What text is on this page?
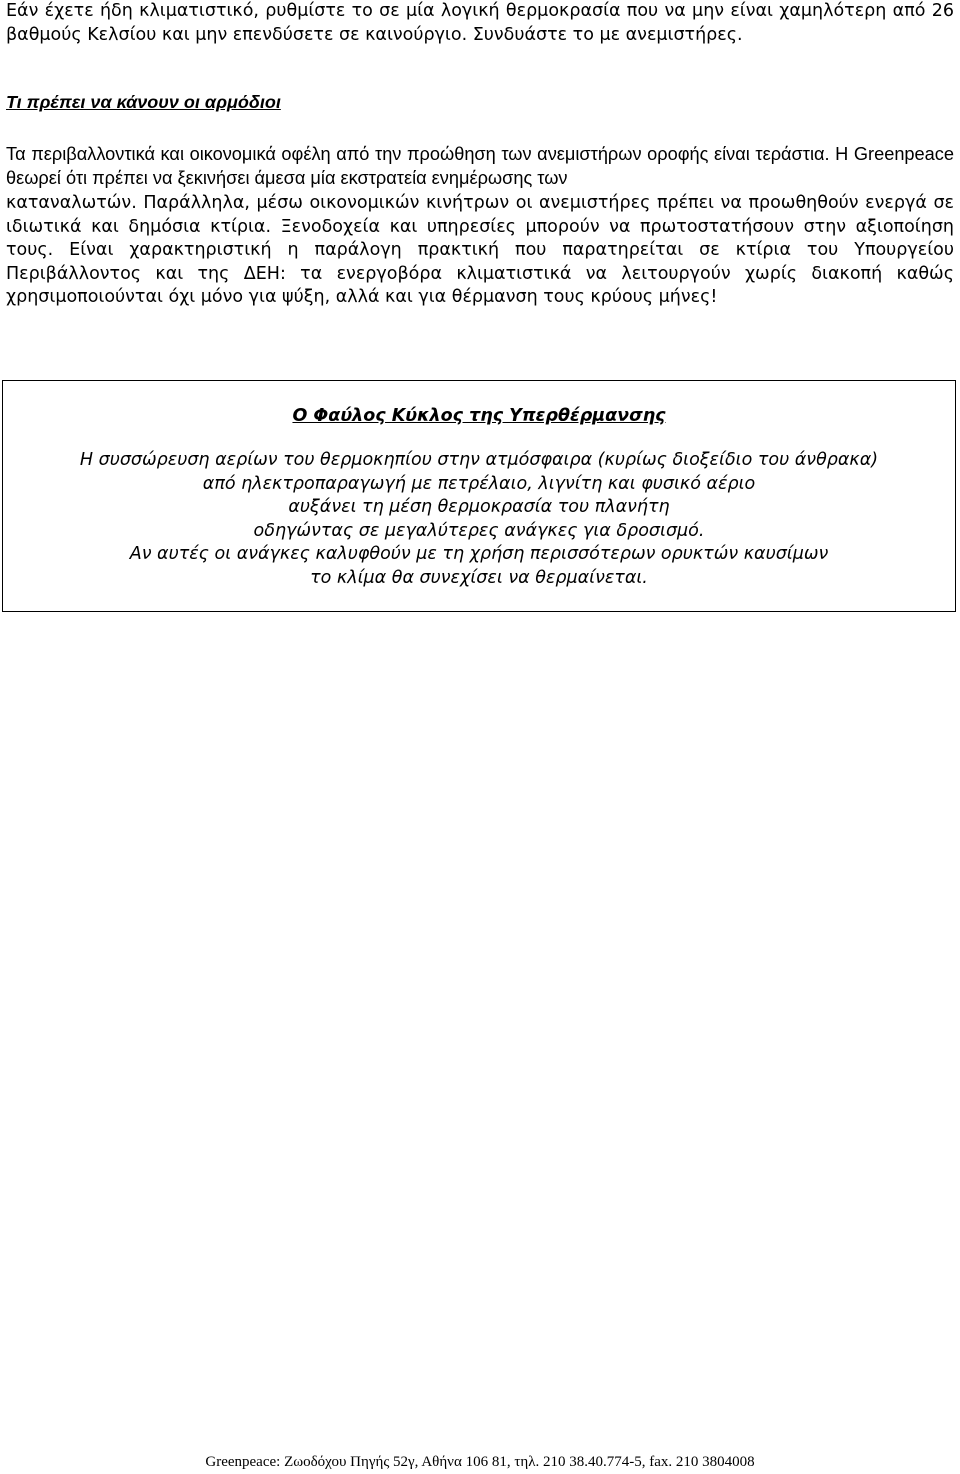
Εάν έχετε ήδη κλιματιστικό, ρυθμίστε το σε μία λογική θερμοκρασία που να μην είναι χαμηλότερη από 26 βαθμούς Κελσίου και μην επενδύσετε σε καινούργιο. Συνδυάστε το με ανεμιστήρες.

Τι πρέπει να κάνουν οι αρμόδιοι

Τα περιβαλλοντικά και οικονομικά οφέλη από την προώθηση των ανεμιστήρων οροφής είναι τεράστια. Η Greenpeace θεωρεί ότι πρέπει να ξεκινήσει άμεσα μία εκστρατεία ενημέρωσης των

καταναλωτών. Παράλληλα, μέσω οικονομικών κινήτρων οι ανεμιστήρες πρέπει να προωθηθούν ενεργά σε ιδιωτικά και δημόσια κτίρια. Ξενοδοχεία και υπηρεσίες μπορούν να πρωτοστατήσουν στην αξιοποίηση τους. Είναι χαρακτηριστική η παράλογη πρακτική που παρατηρείται σε κτίρια του Υπουργείου Περιβάλλοντος και της ΔΕΗ: τα ενεργοβόρα κλιματιστικά να λειτουργούν χωρίς διακοπή καθώς χρησιμοποιούνται όχι μόνο για ψύξη, αλλά και για θέρμανση τους κρύους μήνες!

Ο Φαύλος Κύκλος της Υπερθέρμανσης
Η συσσώρευση αερίων του θερμοκηπίου στην ατμόσφαιρα (κυρίως διοξείδιο του άνθρακα)
από ηλεκτροπαραγωγή με πετρέλαιο, λιγνίτη και φυσικό αέριο
αυξάνει τη μέση θερμοκρασία του πλανήτη
οδηγώντας σε μεγαλύτερες ανάγκες για δροσισμό.
Αν αυτές οι ανάγκες καλυφθούν με τη χρήση περισσότερων ορυκτών καυσίμων
το κλίμα θα συνεχίσει να θερμαίνεται.

Greenpeace: Ζωοδόχου Πηγής 52γ, Αθήνα 106 81, τηλ. 210 38.40.774-5, fax. 210 3804008
